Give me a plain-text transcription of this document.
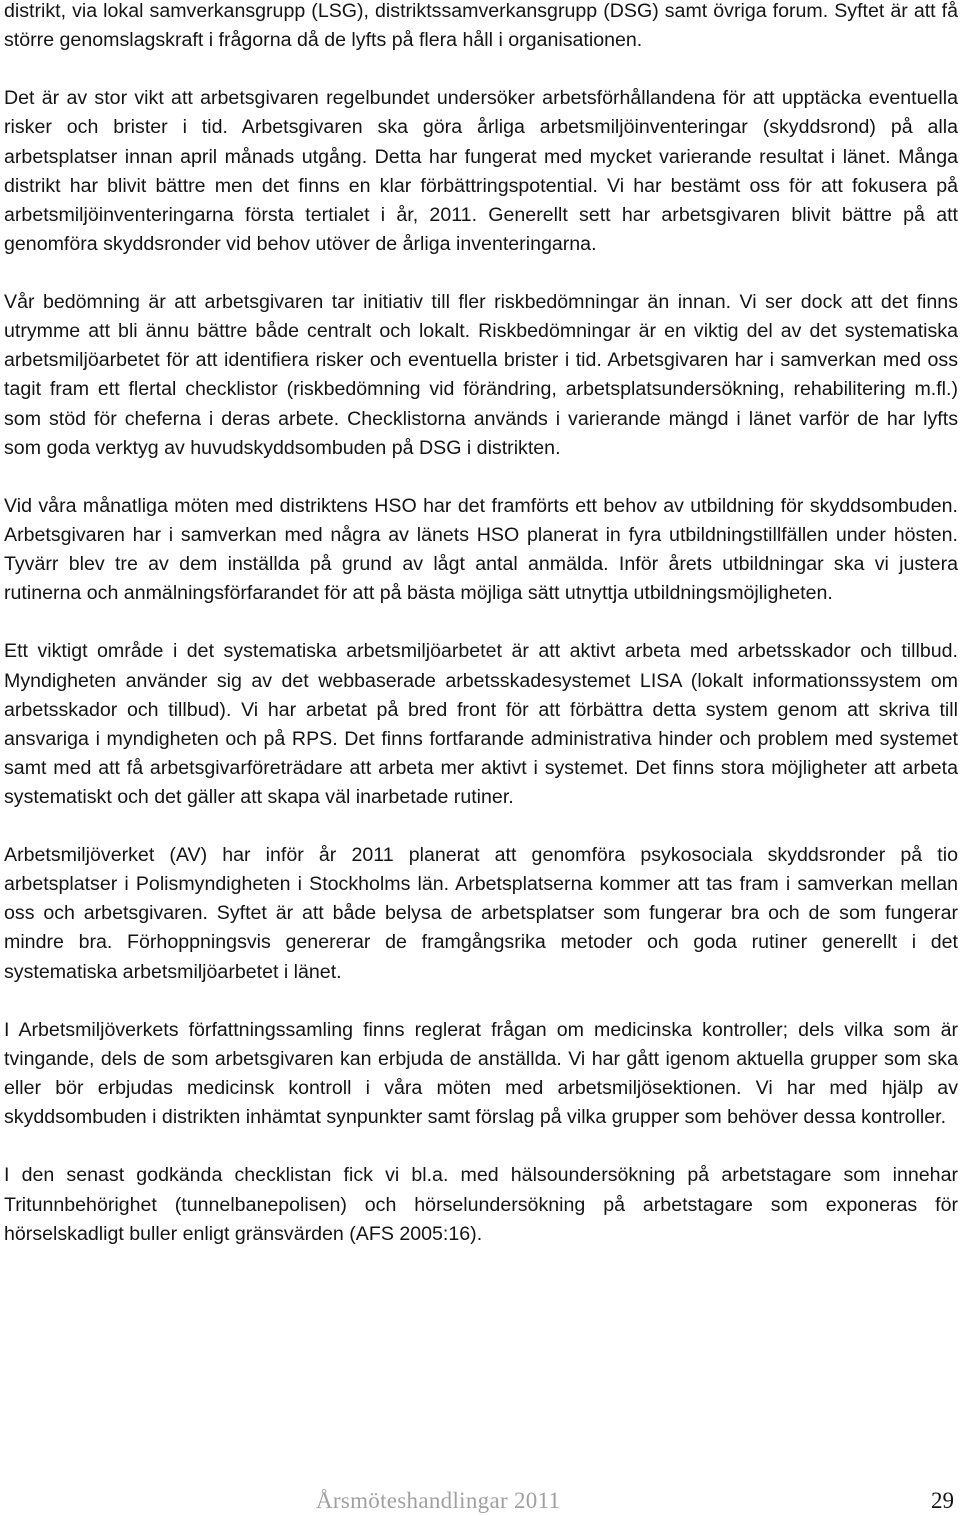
distrikt, via lokal samverkansgrupp (LSG), distriktssamverkansgrupp (DSG) samt övriga forum. Syftet är att få större genomslagskraft i frågorna då de lyfts på flera håll i organisationen.

Det är av stor vikt att arbetsgivaren regelbundet undersöker arbetsförhållandena för att upptäcka eventuella risker och brister i tid. Arbetsgivaren ska göra årliga arbetsmiljöinventeringar (skyddsrond) på alla arbetsplatser innan april månads utgång. Detta har fungerat med mycket varierande resultat i länet. Många distrikt har blivit bättre men det finns en klar förbättringspotential. Vi har bestämt oss för att fokusera på arbetsmiljöinventeringarna första tertialet i år, 2011. Generellt sett har arbetsgivaren blivit bättre på att genomföra skyddsronder vid behov utöver de årliga inventeringarna.

Vår bedömning är att arbetsgivaren tar initiativ till fler riskbedömningar än innan. Vi ser dock att det finns utrymme att bli ännu bättre både centralt och lokalt. Riskbedömningar är en viktig del av det systematiska arbetsmiljöarbetet för att identifiera risker och eventuella brister i tid. Arbetsgivaren har i samverkan med oss tagit fram ett flertal checklistor (riskbedömning vid förändring, arbetsplatsundersökning, rehabilitering m.fl.) som stöd för cheferna i deras arbete. Checklistorna används i varierande mängd i länet varför de har lyfts som goda verktyg av huvudskyddsombuden på DSG i distrikten.

Vid våra månatliga möten med distriktens HSO har det framförts ett behov av utbildning för skyddsombuden. Arbetsgivaren har i samverkan med några av länets HSO planerat in fyra utbildningstillfällen under hösten. Tyvärr blev tre av dem inställda på grund av lågt antal anmälda. Inför årets utbildningar ska vi justera rutinerna och anmälningsförfarandet för att på bästa möjliga sätt utnyttja utbildningsmöjligheten.

Ett viktigt område i det systematiska arbetsmiljöarbetet är att aktivt arbeta med arbetsskador och tillbud. Myndigheten använder sig av det webbaserade arbetsskadesystemet LISA (lokalt informationssystem om arbetsskador och tillbud). Vi har arbetat på bred front för att förbättra detta system genom att skriva till ansvariga i myndigheten och på RPS. Det finns fortfarande administrativa hinder och problem med systemet samt med att få arbetsgivarföreträdare att arbeta mer aktivt i systemet. Det finns stora möjligheter att arbeta systematiskt och det gäller att skapa väl inarbetade rutiner.

Arbetsmiljöverket (AV) har inför år 2011 planerat att genomföra psykosociala skyddsronder på tio arbetsplatser i Polismyndigheten i Stockholms län. Arbetsplatserna kommer att tas fram i samverkan mellan oss och arbetsgivaren. Syftet är att både belysa de arbetsplatser som fungerar bra och de som fungerar mindre bra. Förhoppningsvis genererar de framgångsrika metoder och goda rutiner generellt i det systematiska arbetsmiljöarbetet i länet.

I Arbetsmiljöverkets författningssamling finns reglerat frågan om medicinska kontroller; dels vilka som är tvingande, dels de som arbetsgivaren kan erbjuda de anställda. Vi har gått igenom aktuella grupper som ska eller bör erbjudas medicinsk kontroll i våra möten med arbetsmiljösektionen. Vi har med hjälp av skyddsombuden i distrikten inhämtat synpunkter samt förslag på vilka grupper som behöver dessa kontroller.

I den senast godkända checklistan fick vi bl.a. med hälsoundersökning på arbetstagare som innehar Tritunnbehörighet (tunnelbanepolisen) och hörselundersökning på arbetstagare som exponeras för hörselskadligt buller enligt gränsvärden (AFS 2005:16).

Årsmöteshandlingar 2011	29
